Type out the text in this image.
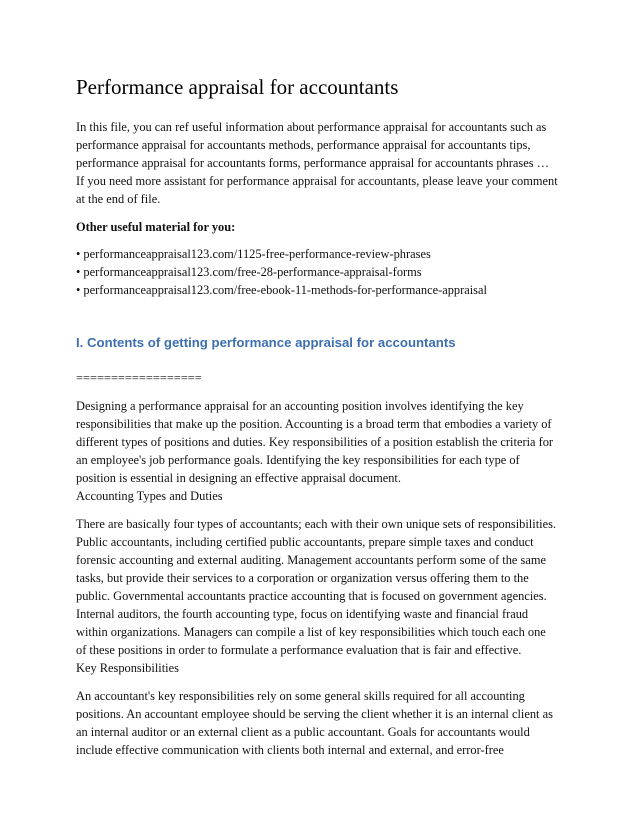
Performance appraisal for accountants
In this file, you can ref useful information about performance appraisal for accountants such as
performance appraisal for accountants methods, performance appraisal for accountants tips,
performance appraisal for accountants forms, performance appraisal for accountants phrases …
If you need more assistant for performance appraisal for accountants, please leave your comment
at the end of file.
Other useful material for you:
• performanceappraisal123.com/1125-free-performance-review-phrases
• performanceappraisal123.com/free-28-performance-appraisal-forms
• performanceappraisal123.com/free-ebook-11-methods-for-performance-appraisal
I. Contents of getting performance appraisal for accountants
==================
Designing a performance appraisal for an accounting position involves identifying the key
responsibilities that make up the position. Accounting is a broad term that embodies a variety of
different types of positions and duties. Key responsibilities of a position establish the criteria for
an employee's job performance goals. Identifying the key responsibilities for each type of
position is essential in designing an effective appraisal document.
Accounting Types and Duties
There are basically four types of accountants; each with their own unique sets of responsibilities.
Public accountants, including certified public accountants, prepare simple taxes and conduct
forensic accounting and external auditing. Management accountants perform some of the same
tasks, but provide their services to a corporation or organization versus offering them to the
public. Governmental accountants practice accounting that is focused on government agencies.
Internal auditors, the fourth accounting type, focus on identifying waste and financial fraud
within organizations. Managers can compile a list of key responsibilities which touch each one
of these positions in order to formulate a performance evaluation that is fair and effective.
Key Responsibilities
An accountant's key responsibilities rely on some general skills required for all accounting
positions. An accountant employee should be serving the client whether it is an internal client as
an internal auditor or an external client as a public accountant. Goals for accountants would
include effective communication with clients both internal and external, and error-free
